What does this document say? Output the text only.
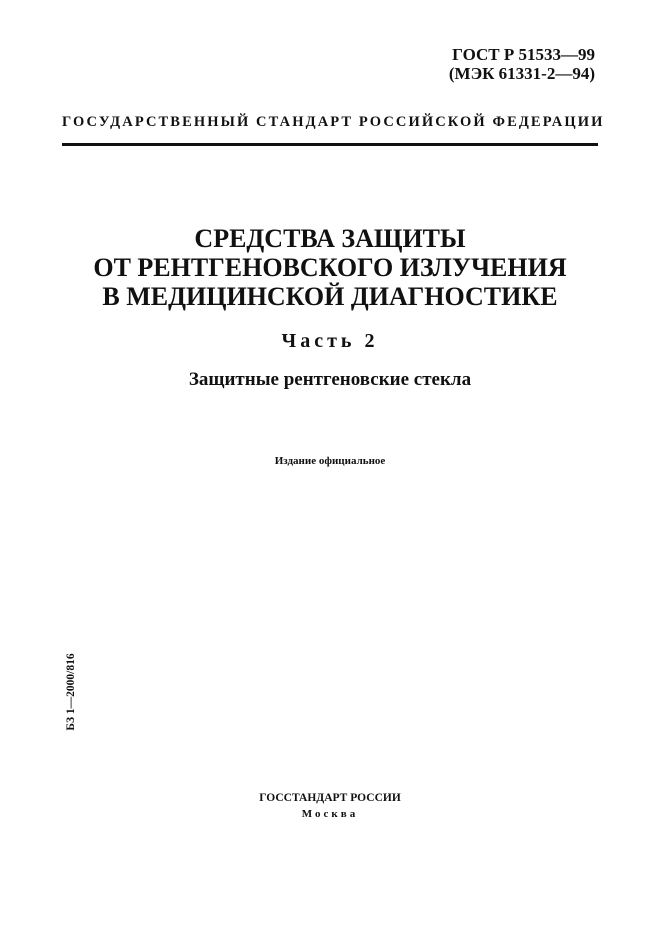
ГОСТ Р 51533—99
(МЭК 61331-2—94)
ГОСУДАРСТВЕННЫЙ СТАНДАРТ РОССИЙСКОЙ ФЕДЕРАЦИИ
СРЕДСТВА ЗАЩИТЫ
ОТ РЕНТГЕНОВСКОГО ИЗЛУЧЕНИЯ
В МЕДИЦИНСКОЙ ДИАГНОСТИКЕ
Часть 2
Защитные рентгеновские стекла
Издание официальное
БЗ 1—2000/816
ГОССТАНДАРТ РОССИИ
Москва
